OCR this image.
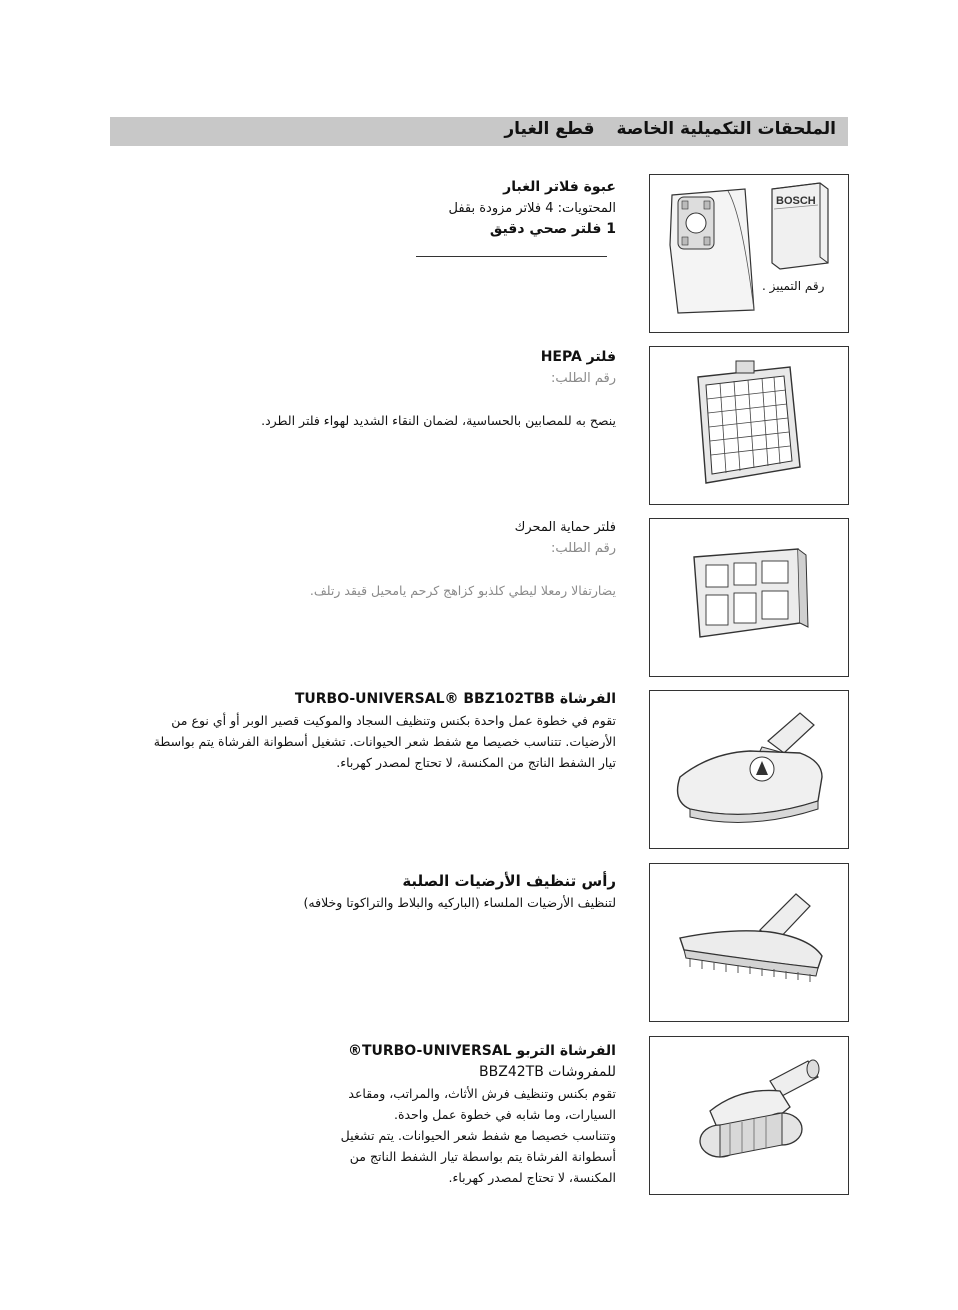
الملحقات التكميلية الخاصةقطع الغيار
عبوة فلاتر الغبار
المحتويات: 4 فلاتر مزودة بقفل
1 فلتر صحي دقيق
BOSCH
رقم التمييز .
فلتر HEPA
رقم الطلب:
ينصح به للمصابين بالحساسية، لضمان النقاء الشديد لهواء فلتر الطرد.
فلتر حماية المحرك
رقم الطلب:
يضارتفالا رمعلا ليطي كلذبو كزاهج كرحم يامحيل قيقد رتلف.
الفرشاة TURBO-UNIVERSAL® BBZ102TBB
تقوم في خطوة عمل واحدة بكنس وتنظيف السجاد والموكيت قصير الوبر أو أي نوع من
الأرضيات. تتناسب خصيصا مع شفط شعر الحيوانات. تشغيل أسطوانة الفرشاة يتم بواسطة
تيار الشفط الناتج من المكنسة، لا تحتاج لمصدر كهرباء.
رأس تنظيف الأرضيات الصلبة
لتنظيف الأرضيات الملساء (الباركيه والبلاط والتراكوتا وخلافه)
الفرشاة التربو TURBO-UNIVERSAL®
للمفروشات BBZ42TB
تقوم بكنس وتنظيف فرش الأثاث، والمراتب، ومقاعد
السيارات، وما شابه في خطوة عمل واحدة.
وتتناسب خصيصا مع شفط شعر الحيوانات. يتم تشغيل
أسطوانة الفرشاة يتم بواسطة تيار الشفط الناتج من
المكنسة، لا تحتاج لمصدر كهرباء.
